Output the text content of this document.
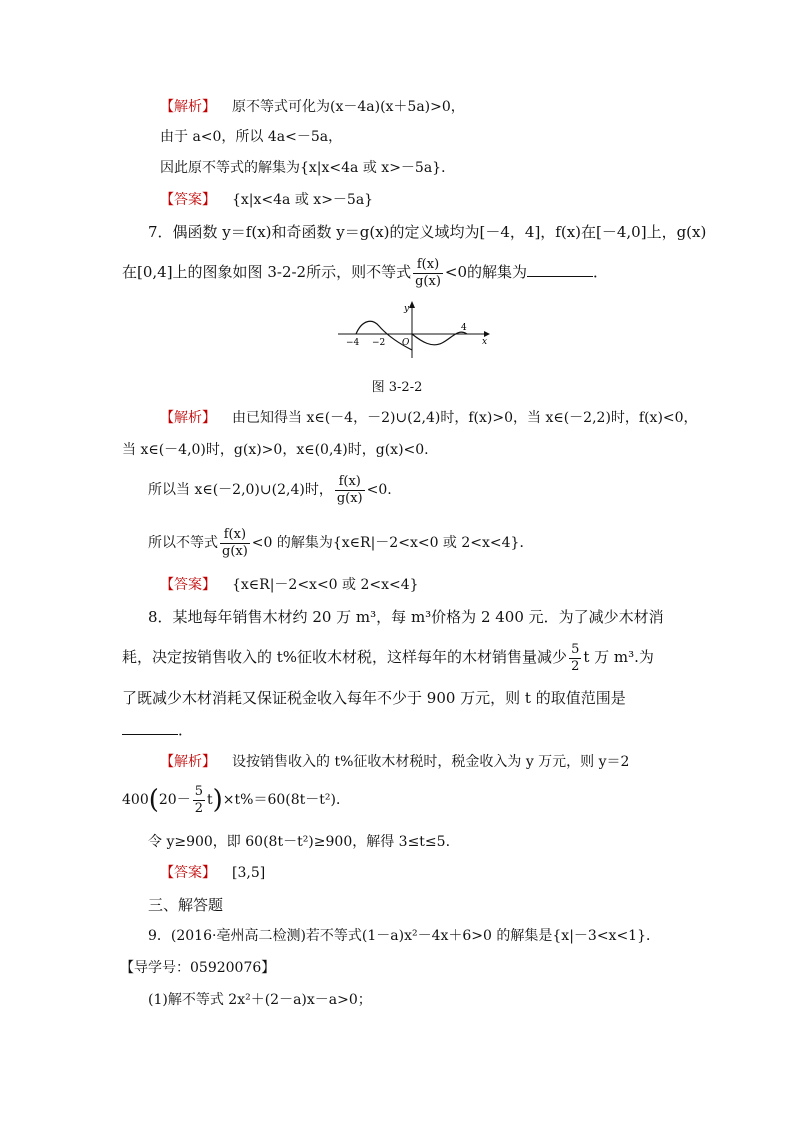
【解析】 原不等式可化为(x－4a)(x＋5a)>0，
由于 a<0，所以 4a<－5a，
因此原不等式的解集为{x|x<4a 或 x>－5a}．
【答案】 {x|x<4a 或 x>－5a}
7．偶函数 y＝f(x)和奇函数 y＝g(x)的定义域均为[－4，4]，f(x)在[－4,0]上，g(x)
在[0,4]上的图象如图 3-2-2所示，则不等式 $\frac{f(x)}{g(x)} <0$的解集为	．
y
x
−4 −2 O
4
图 3-2-2
【解析】 由已知得当 x∈(－4，－2)∪(2,4)时，f(x)>0，当 x∈(－2,2)时，f(x)<0，
当 x∈(－4,0)时，g(x)>0，x∈(0,4)时，g(x)<0.
所以当 x∈(－2,0)∪(2,4)时， $\frac{f(x)}{g(x)} <0$.
所以不等式 $\frac{f(x)}{g(x)} <0$ 的解集为{x∈R|－2<x<0 或 2<x<4}．
【答案】 {x∈R|－2<x<0 或 2<x<4}
8．某地每年销售木材约 20 万 m³，每 m³价格为 2 400 元．为了减少木材消
耗，决定按销售收入的 t%征收木材税，这样每年的木材销售量减少 $\frac{5}{2}$ t 万 m³.为
了既减少木材消耗又保证税金收入每年不少于 900 万元，则 t 的取值范围是
．
【解析】 设按销售收入的 t%征收木材税时，税金收入为 y 万元，则 y＝2
$400(20- \frac{5}{2} t)\times t\%=60(8t-t^2)$．
令 y≥900，即 60(8t－t²)≥900，解得 3≤t≤5.
【答案】 [3,5]
三、解答题
9．(2016·亳州高二检测)若不等式(1－a)x²－4x＋6>0 的解集是{x|－3<x<1}．
【导学号：05920076】
(1)解不等式 2x²＋(2－a)x－a>0；
